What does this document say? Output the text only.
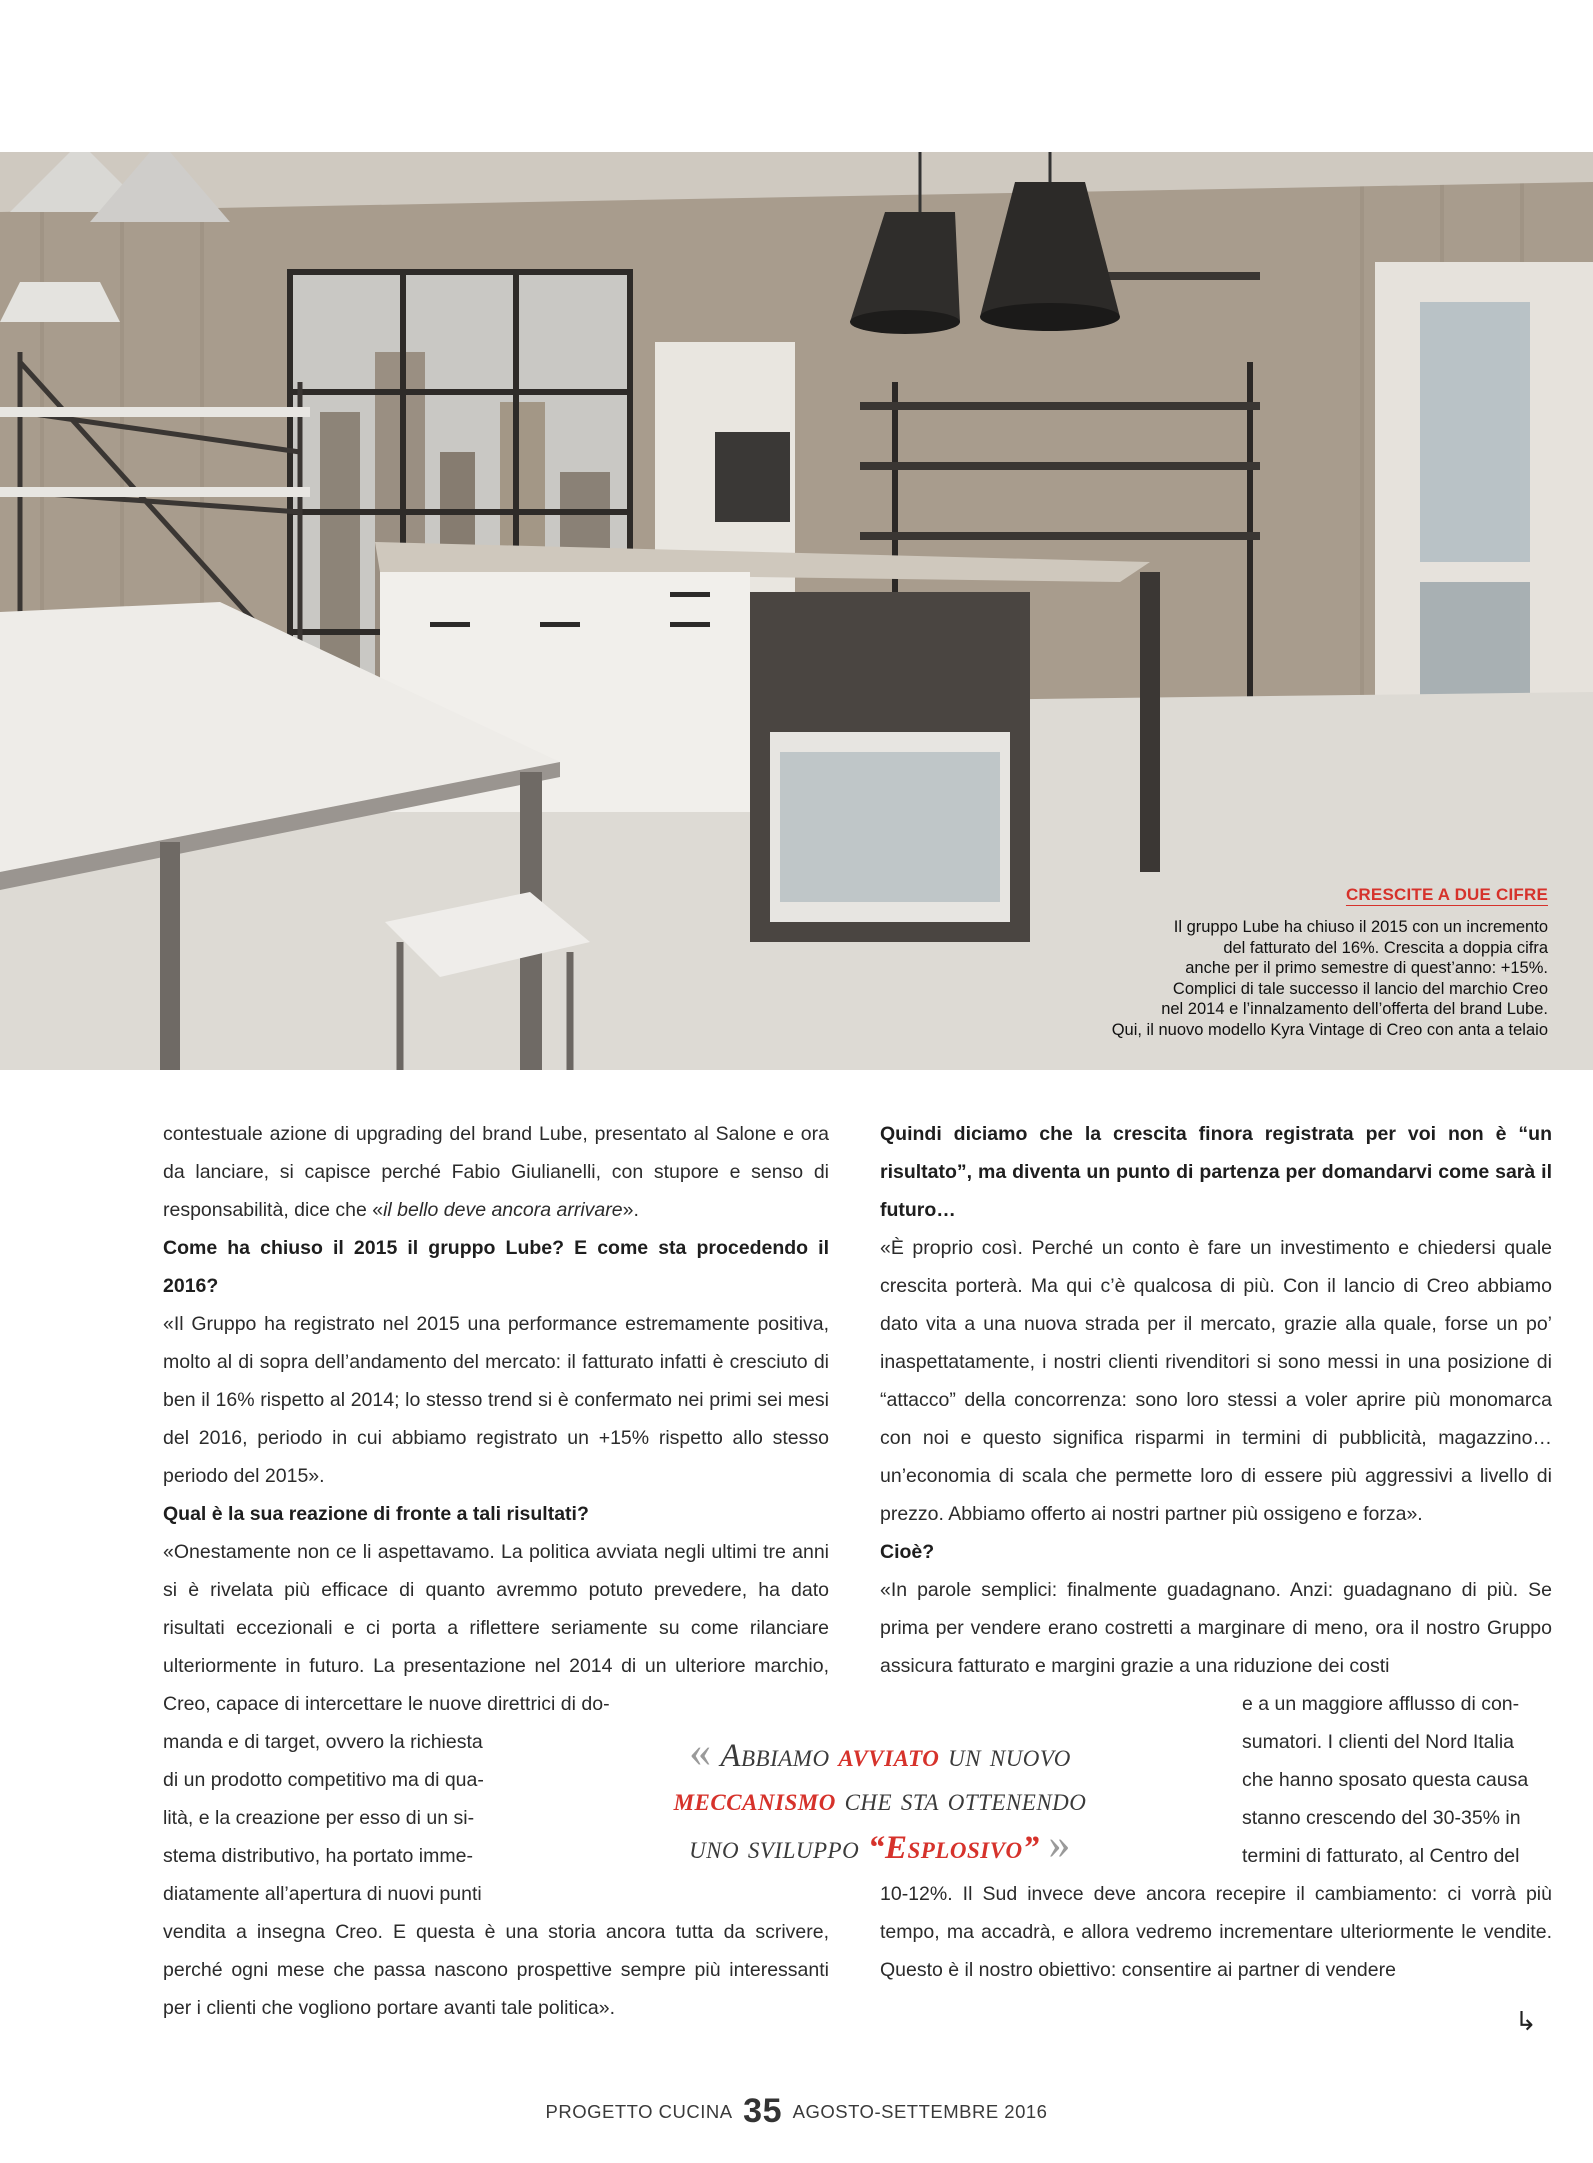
CRESCITE A DUE CIFRE
Il gruppo Lube ha chiuso il 2015 con un incremento
del fatturato del 16%. Crescita a doppia cifra
anche per il primo semestre di quest’anno: +15%.
Complici di tale successo il lancio del marchio Creo
nel 2014 e l’innalzamento dell’offerta del brand Lube.
Qui, il nuovo modello Kyra Vintage di Creo con anta a telaio

contestuale azione di upgrading del brand Lube, presentato al Salone e ora da lanciare, si capisce perché Fabio Giulianelli, con stupore e senso di responsabilità, dice che «il bello deve ancora arrivare».

Come ha chiuso il 2015 il gruppo Lube? E come sta procedendo il 2016?

«Il Gruppo ha registrato nel 2015 una performance estremamente positiva, molto al di sopra dell’andamento del mercato: il fatturato infatti è cresciuto di ben il 16% rispetto al 2014; lo stesso trend si è confermato nei primi sei mesi del 2016, periodo in cui abbiamo registrato un +15% rispetto allo stesso periodo del 2015».

Qual è la sua reazione di fronte a tali risultati?

«Onestamente non ce li aspettavamo. La politica avviata negli ultimi tre anni si è rivelata più efficace di quanto avremmo potuto prevedere, ha dato risultati eccezionali e ci porta a riflettere seriamente su come rilanciare ulteriormente in futuro. La presentazione nel 2014 di un ulteriore marchio, Creo, capace di intercettare le nuove direttrici di do-

manda e di target, ovvero la richiesta

di un prodotto competitivo ma di qua-

lità, e la creazione per esso di un si-

stema distributivo, ha portato imme-

diatamente all’apertura di nuovi punti

vendita a insegna Creo. E questa è una storia ancora tutta da scrivere, perché ogni mese che passa nascono prospettive sempre più interessanti per i clienti che vogliono portare avanti tale politica».

Quindi diciamo che la crescita finora registrata per voi non è “un risultato”, ma diventa un punto di partenza per domandarvi come sarà il futuro…

«È proprio così. Perché un conto è fare un investimento e chiedersi quale crescita porterà. Ma qui c’è qualcosa di più. Con il lancio di Creo abbiamo dato vita a una nuova strada per il mercato, grazie alla quale, forse un po’ inaspettatamente, i nostri clienti rivenditori si sono messi in una posizione di “attacco” della concorrenza: sono loro stessi a voler aprire più monomarca con noi e questo significa risparmi in termini di pubblicità, magazzino… un’economia di scala che permette loro di essere più aggressivi a livello di prezzo. Abbiamo offerto ai nostri partner più ossigeno e forza».

Cioè?

«In parole semplici: finalmente guadagnano. Anzi: guadagnano di più. Se prima per vendere erano costretti a marginare di meno, ora il nostro Gruppo assicura fatturato e margini grazie a una riduzione dei costi

e a un maggiore afflusso di con-

sumatori. I clienti del Nord Italia

che hanno sposato questa causa

stanno crescendo del 30-35% in

termini di fatturato, al Centro del

10-12%. Il Sud invece deve ancora recepire il cambiamento: ci vorrà più tempo, ma accadrà, e allora vedremo incrementare ulteriormente le vendite. Questo è il nostro obiettivo: consentire ai partner di vendere

« Abbiamo avviato un nuovo
meccanismo che sta ottenendo
uno sviluppo “Esplosivo” »
↳
PROGETTO CUCINA 35 AGOSTO-SETTEMBRE 2016
